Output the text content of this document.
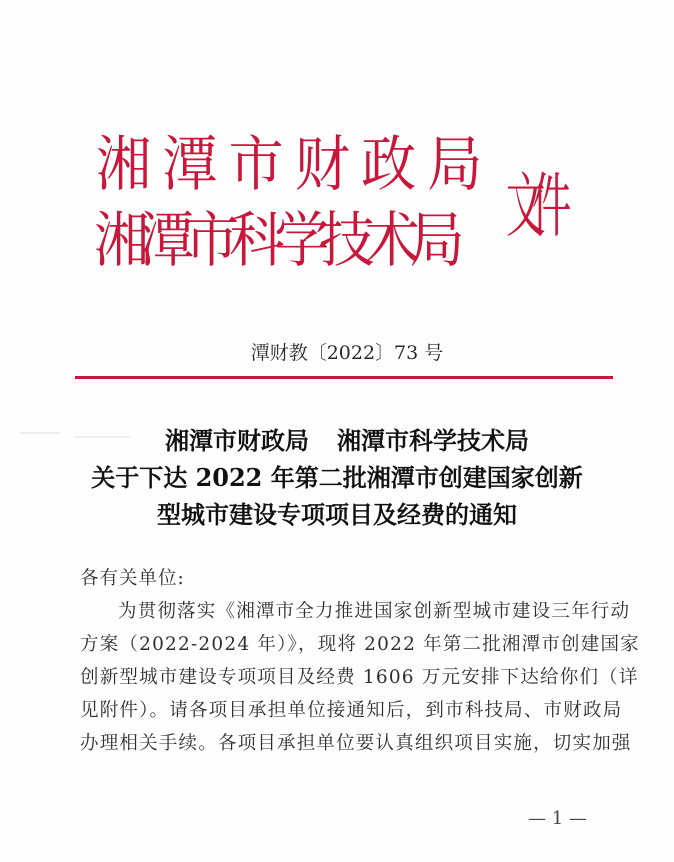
湘潭市财政局
湘潭市科学技术局 文件
潭财教〔2022〕73 号
湘潭市财政局 湘潭市科学技术局
关于下达 2022 年第二批湘潭市创建国家创新
型城市建设专项项目及经费的通知
各有关单位:
为贯彻落实《湘潭市全力推进国家创新型城市建设三年行动
方案（2022-2024 年）》，现将 2022 年第二批湘潭市创建国家
创新型城市建设专项项目及经费 1606 万元安排下达给你们（详
见附件）。请各项目承担单位接通知后，到市科技局、市财政局
办理相关手续。各项目承担单位要认真组织项目实施，切实加强
— 1 —
